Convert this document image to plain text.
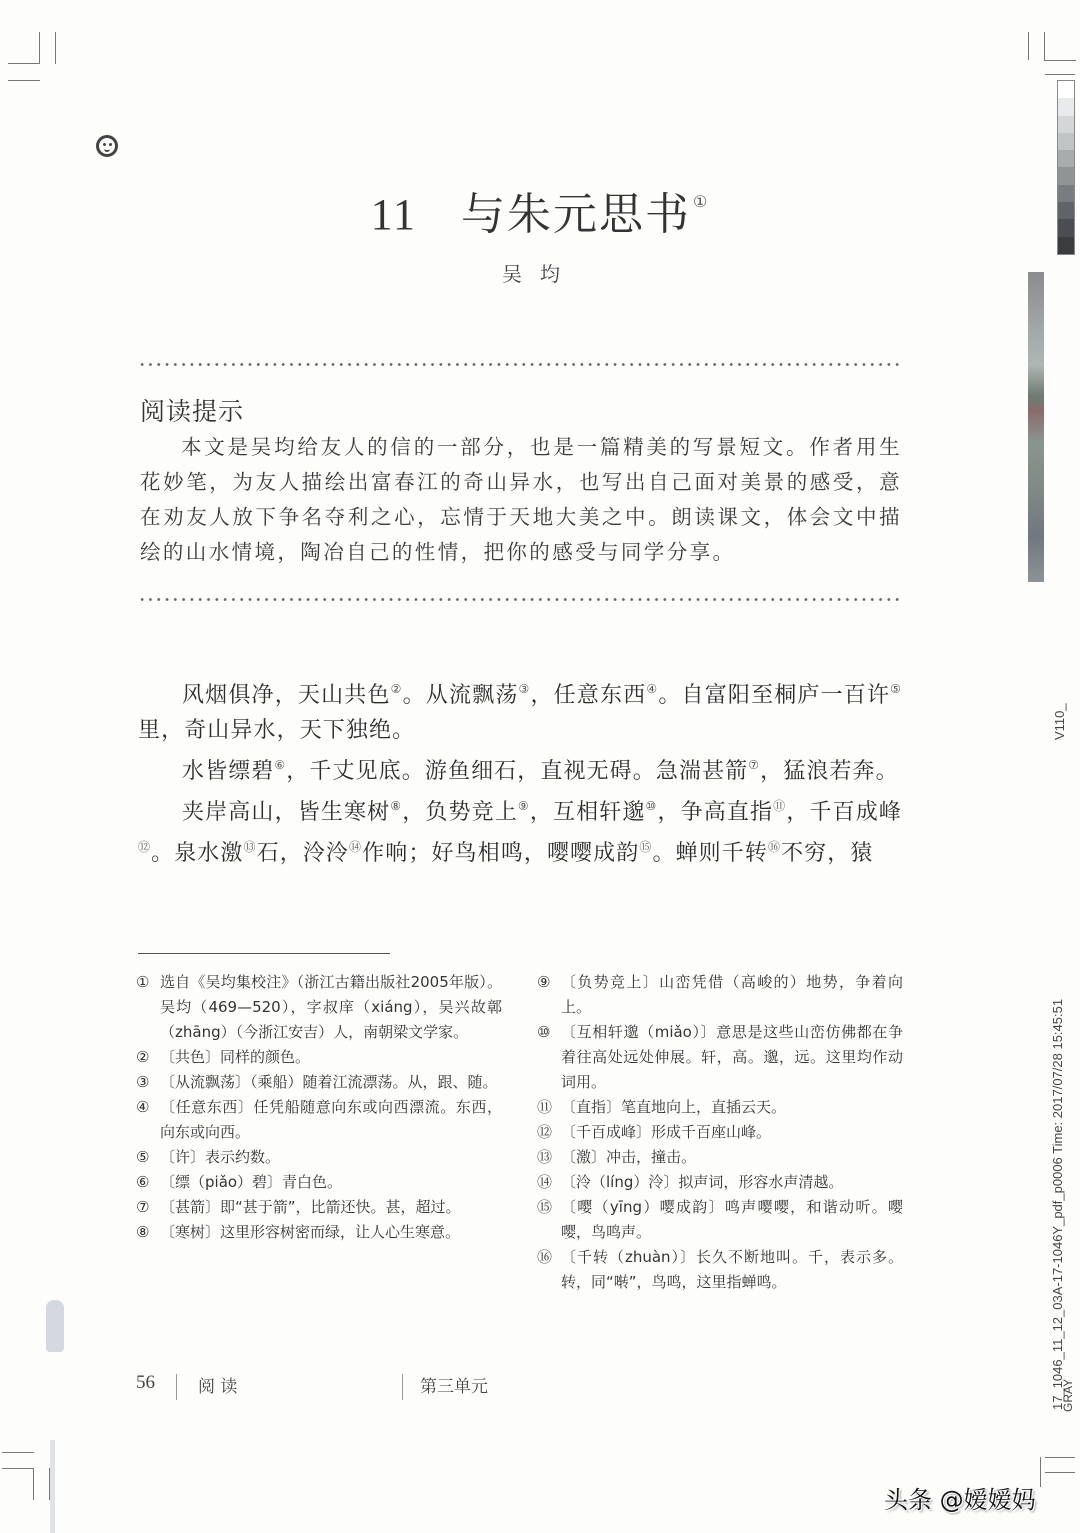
V110_
17_1046_11_12_03A-17-1046Y_pdf_p0006 Time: 2017/07/28 15:45:51
GRAY
11 与朱元思书 ①
吴均
阅读提示

本文是吴均给友人的信的一部分，也是一篇精美的写景短文。作者用生花妙笔，为友人描绘出富春江的奇山异水，也写出自己面对美景的感受，意在劝友人放下争名夺利之心，忘情于天地大美之中。朗读课文，体会文中描绘的山水情境，陶冶自己的性情，把你的感受与同学分享。

风烟俱净，天山共色②。从流飘荡③，任意东西④。自富阳至桐庐一百许⑤里，奇山异水，天下独绝。

水皆缥碧⑥，千丈见底。游鱼细石，直视无碍。急湍甚箭⑦，猛浪若奔。

夹岸高山，皆生寒树⑧，负势竞上⑨，互相轩邈⑩，争高直指⑪，千百成峰⑫。泉水激⑬石，泠泠⑭作响；好鸟相鸣，嘤嘤成韵⑮。蝉则千转⑯不穷，猿

① 选自《吴均集校注》（浙江古籍出版社2005年版）。吴均（469—520），字叔庠（xiáng），吴兴故鄣（zhāng）（今浙江安吉）人，南朝梁文学家。
② 〔共色〕同样的颜色。
③ 〔从流飘荡〕（乘船）随着江流漂荡。从，跟、随。
④ 〔任意东西〕任凭船随意向东或向西漂流。东西，向东或向西。
⑤ 〔许〕表示约数。
⑥ 〔缥（piǎo）碧〕青白色。
⑦ 〔甚箭〕即“甚于箭”，比箭还快。甚，超过。
⑧ 〔寒树〕这里形容树密而绿，让人心生寒意。
⑨ 〔负势竞上〕山峦凭借（高峻的）地势，争着向上。
⑩ 〔互相轩邈（miǎo）〕意思是这些山峦仿佛都在争着往高处远处伸展。轩，高。邈，远。这里均作动词用。
⑪ 〔直指〕笔直地向上，直插云天。
⑫ 〔千百成峰〕形成千百座山峰。
⑬ 〔激〕冲击，撞击。
⑭ 〔泠（líng）泠〕拟声词，形容水声清越。
⑮ 〔嘤（yīng）嘤成韵〕鸣声嘤嘤，和谐动听。嘤嘤，鸟鸣声。
⑯ 〔千转（zhuàn）〕长久不断地叫。千，表示多。转，同“啭”，鸟鸣，这里指蝉鸣。
56	阅 读	第三单元
头条 @嫒嫒妈
